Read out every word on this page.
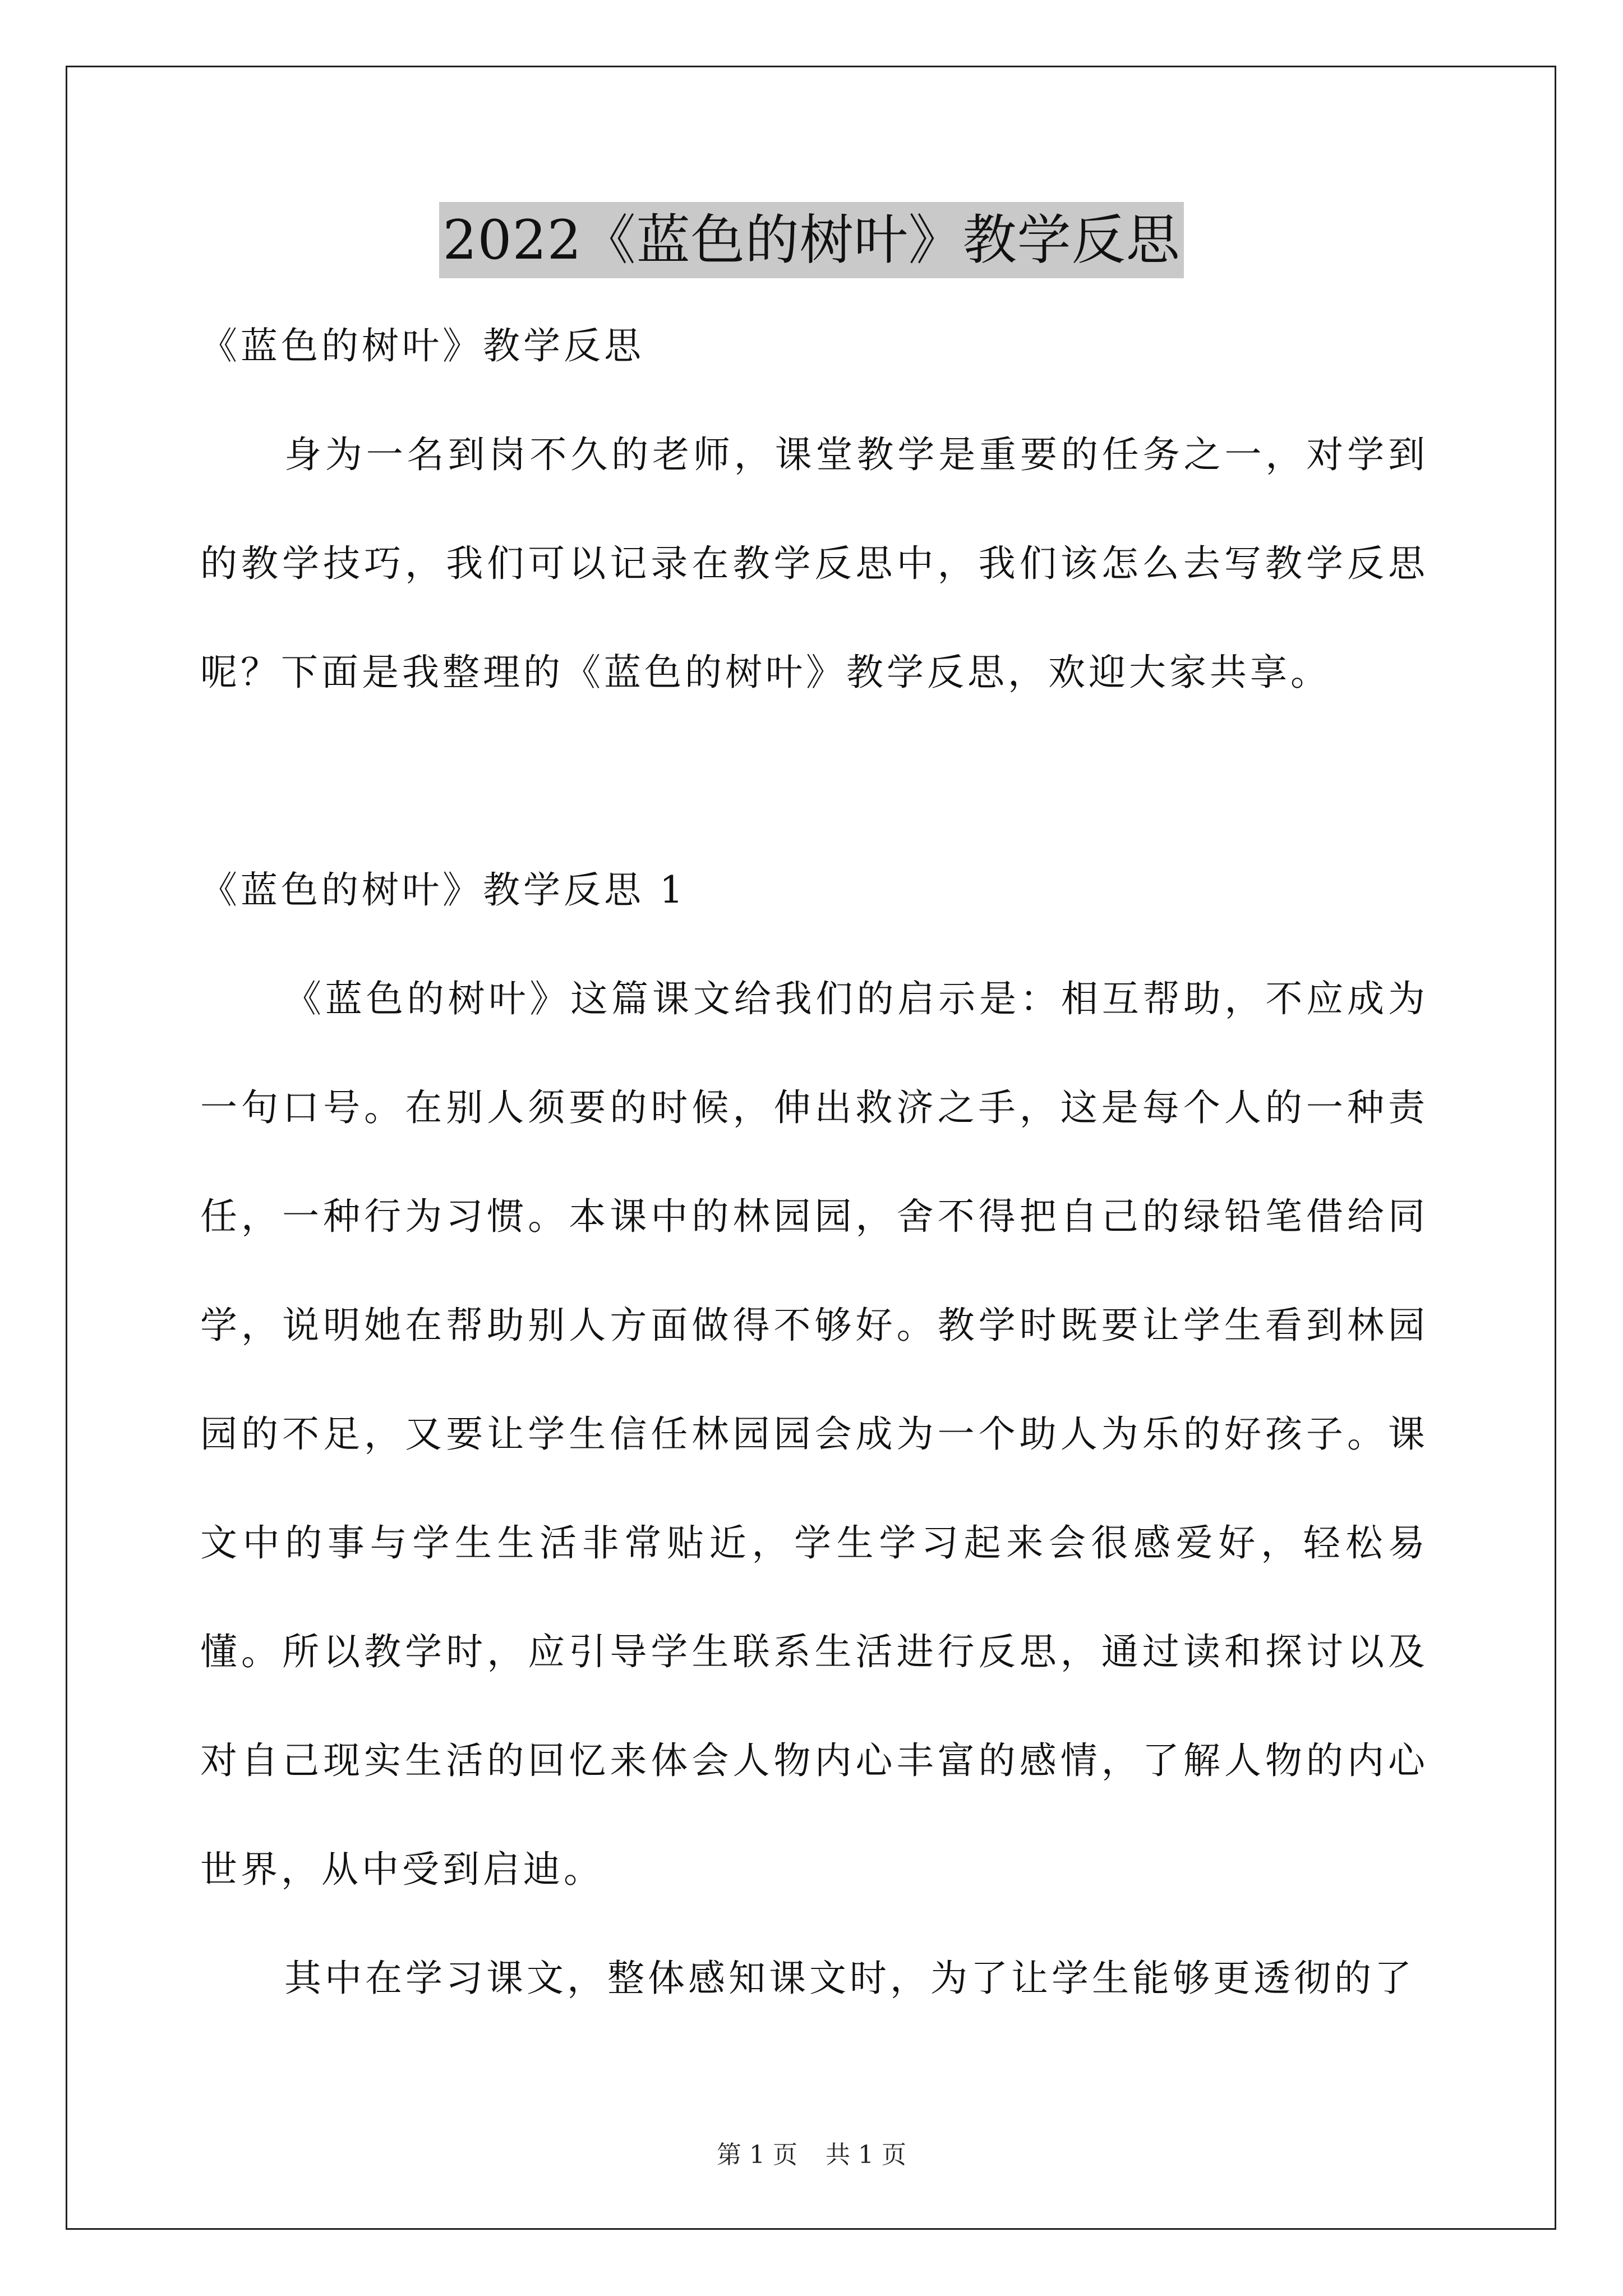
2022《蓝色的树叶》教学反思

《蓝色的树叶》教学反思

身为一名到岗不久的老师，课堂教学是重要的任务之一，对学到的教学技巧，我们可以记录在教学反思中，我们该怎么去写教学反思呢？下面是我整理的《蓝色的树叶》教学反思，欢迎大家共享。

《蓝色的树叶》教学反思 1

《蓝色的树叶》这篇课文给我们的启示是：相互帮助，不应成为一句口号。在别人须要的时候，伸出救济之手，这是每个人的一种责任，一种行为习惯。本课中的林园园，舍不得把自己的绿铅笔借给同学，说明她在帮助别人方面做得不够好。教学时既要让学生看到林园园的不足，又要让学生信任林园园会成为一个助人为乐的好孩子。课文中的事与学生生活非常贴近，学生学习起来会很感爱好，轻松易懂。所以教学时，应引导学生联系生活进行反思，通过读和探讨以及对自己现实生活的回忆来体会人物内心丰富的感情，了解人物的内心世界，从中受到启迪。

其中在学习课文，整体感知课文时，为了让学生能够更透彻的了

第 1 页 共 1 页
